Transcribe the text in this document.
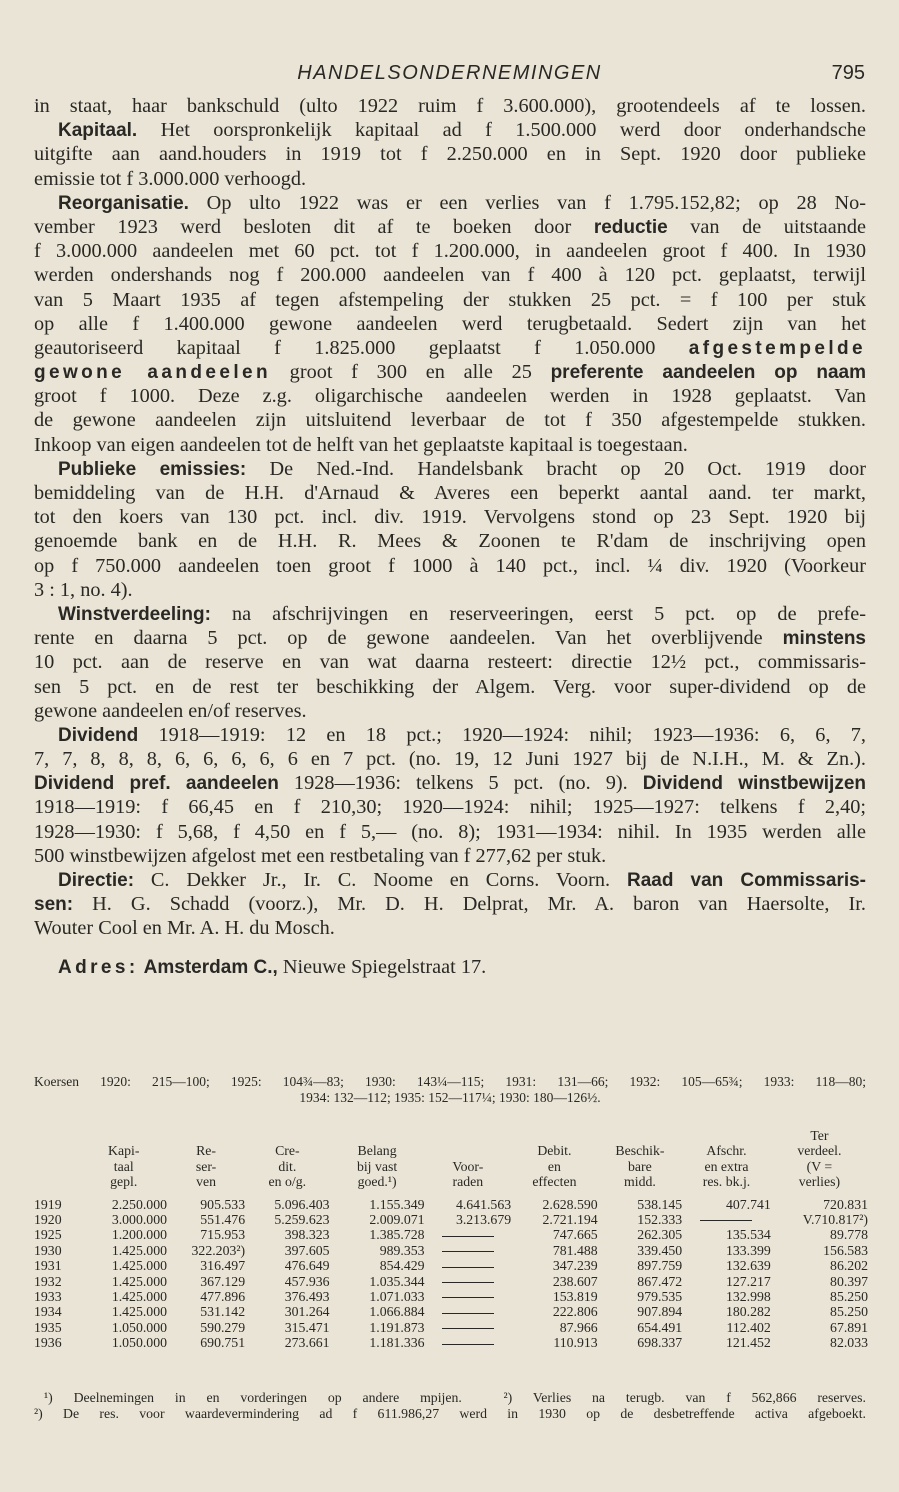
HANDELSONDERNEMINGEN	795
in staat, haar bankschuld (ulto 1922 ruim f 3.600.000), grootendeels af te lossen.
Kapitaal. Het oorspronkelijk kapitaal ad f 1.500.000 werd door onderhandsche
uitgifte aan aand.houders in 1919 tot f 2.250.000 en in Sept. 1920 door publieke
emissie tot f 3.000.000 verhoogd.
Reorganisatie. Op ulto 1922 was er een verlies van f 1.795.152,82; op 28 No-
vember 1923 werd besloten dit af te boeken door reductie van de uitstaande
f 3.000.000 aandeelen met 60 pct. tot f 1.200.000, in aandeelen groot f 400. In 1930
werden ondershands nog f 200.000 aandeelen van f 400 à 120 pct. geplaatst, terwijl
van 5 Maart 1935 af tegen afstempeling der stukken 25 pct. = f 100 per stuk
op alle f 1.400.000 gewone aandeelen werd terugbetaald. Sedert zijn van het
geautoriseerd kapitaal f 1.825.000 geplaatst f 1.050.000 afgestempelde
gewone aandeelen groot f 300 en alle 25 preferente aandeelen op naam
groot f 1000. Deze z.g. oligarchische aandeelen werden in 1928 geplaatst. Van
de gewone aandeelen zijn uitsluitend leverbaar de tot f 350 afgestempelde stukken.
Inkoop van eigen aandeelen tot de helft van het geplaatste kapitaal is toegestaan.
Publieke emissies: De Ned.-Ind. Handelsbank bracht op 20 Oct. 1919 door
bemiddeling van de H.H. d'Arnaud & Averes een beperkt aantal aand. ter markt,
tot den koers van 130 pct. incl. div. 1919. Vervolgens stond op 23 Sept. 1920 bij
genoemde bank en de H.H. R. Mees & Zoonen te R'dam de inschrijving open
op f 750.000 aandeelen toen groot f 1000 à 140 pct., incl. ¼ div. 1920 (Voorkeur
3 : 1, no. 4).
Winstverdeeling: na afschrijvingen en reserveeringen, eerst 5 pct. op de prefe-
rente en daarna 5 pct. op de gewone aandeelen. Van het overblijvende minstens
10 pct. aan de reserve en van wat daarna resteert: directie 12½ pct., commissaris-
sen 5 pct. en de rest ter beschikking der Algem. Verg. voor super-dividend op de
gewone aandeelen en/of reserves.
Dividend 1918—1919: 12 en 18 pct.; 1920—1924: nihil; 1923—1936: 6, 6, 7,
7, 7, 8, 8, 8, 6, 6, 6, 6, 6 en 7 pct. (no. 19, 12 Juni 1927 bij de N.I.H., M. & Zn.).
Dividend pref. aandeelen 1928—1936: telkens 5 pct. (no. 9). Dividend winstbewijzen
1918—1919: f 66,45 en f 210,30; 1920—1924: nihil; 1925—1927: telkens f 2,40;
1928—1930: f 5,68, f 4,50 en f 5,— (no. 8); 1931—1934: nihil. In 1935 werden alle
500 winstbewijzen afgelost met een restbetaling van f 277,62 per stuk.
Directie: C. Dekker Jr., Ir. C. Noome en Corns. Voorn. Raad van Commissaris-
sen: H. G. Schadd (voorz.), Mr. D. H. Delprat, Mr. A. baron van Haersolte, Ir.
Wouter Cool en Mr. A. H. du Mosch.
Adres: Amsterdam C., Nieuwe Spiegelstraat 17.
Koersen 1920: 215—100; 1925: 104¾—83; 1930: 143¼—115; 1931: 131—66; 1932: 105—65¾; 1933: 118—80;
1934: 132—112; 1935: 152—117¼; 1930: 180—126½.

	Kapi-
taal
gepl.	Re-
ser-
ven	Cre-
dit.
en o/g.	Belang
bij vast
goed.¹)	Voor-
raden	Debit.
en
effecten	Beschik-
bare
midd.	Afschr.
en extra
res. bk.j.	Ter
verdeel.
(V =
verlies)
1919	2.250.000	905.533	5.096.403	1.155.349	4.641.563	2.628.590	538.145	407.741	720.831
1920	3.000.000	551.476	5.259.623	2.009.071	3.213.679	2.721.194	152.333		V.710.817²)
1925	1.200.000	715.953	398.323	1.385.728		747.665	262.305	135.534	89.778
1930	1.425.000	322.203²)	397.605	989.353		781.488	339.450	133.399	156.583
1931	1.425.000	316.497	476.649	854.429		347.239	897.759	132.639	86.202
1932	1.425.000	367.129	457.936	1.035.344		238.607	867.472	127.217	80.397
1933	1.425.000	477.896	376.493	1.071.033		153.819	979.535	132.998	85.250
1934	1.425.000	531.142	301.264	1.066.884		222.806	907.894	180.282	85.250
1935	1.050.000	590.279	315.471	1.191.873		87.966	654.491	112.402	67.891
1936	1.050.000	690.751	273.661	1.181.336		110.913	698.337	121.452	82.033
¹) Deelnemingen in en vorderingen op andere mpijen.	²) Verlies na terugb. van f 562,866 reserves.
²) De res. voor waardevermindering ad f 611.986,27 werd in 1930 op de desbetreffende activa afgeboekt.
